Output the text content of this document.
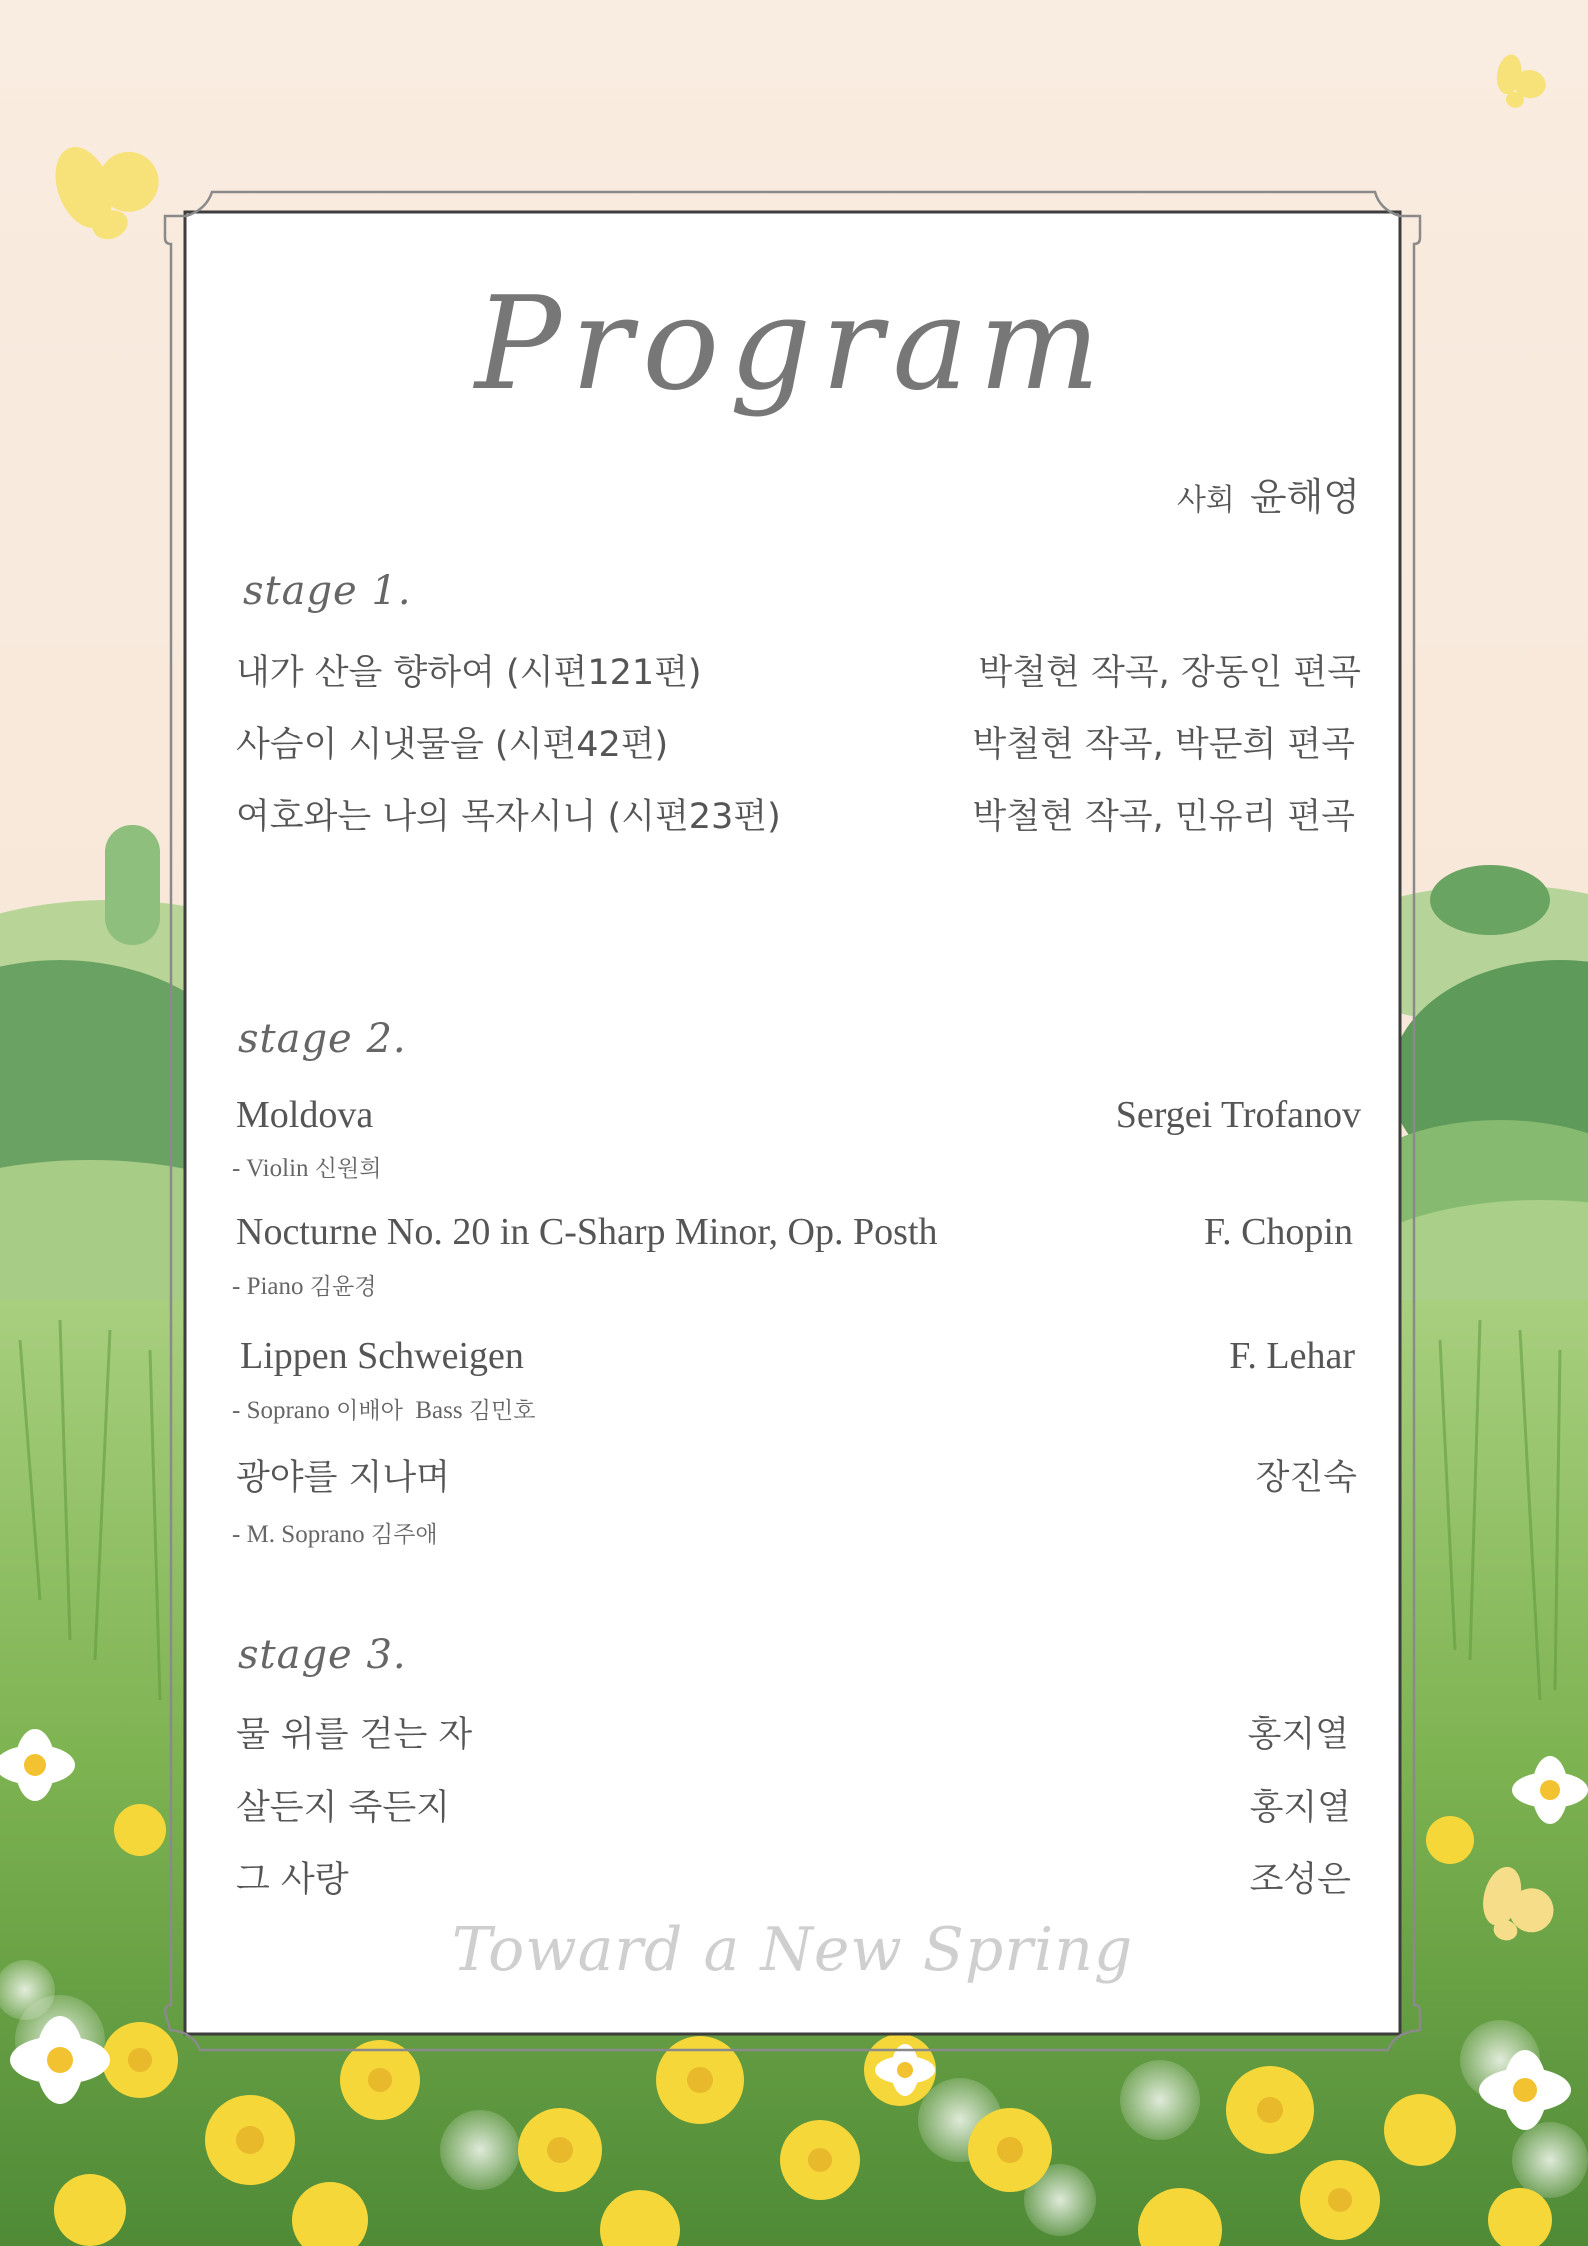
Program
사회 윤해영
stage 1.
내가 산을 향하여 (시편121편)	박철현 작곡, 장동인 편곡
사슴이 시냇물을 (시편42편)	박철현 작곡, 박문희 편곡
여호와는 나의 목자시니 (시편23편)	박철현 작곡, 민유리 편곡
stage 2.
Moldova	Sergei Trofanov
- Violin 신원희
Nocturne No. 20 in C-Sharp Minor, Op. Posth	F. Chopin
- Piano 김윤경
Lippen Schweigen	F. Lehar
- Soprano 이배아 Bass 김민호
광야를 지나며	장진숙
- M. Soprano 김주애
stage 3.
물 위를 걷는 자	홍지열
살든지 죽든지	홍지열
그 사랑	조성은
Toward a New Spring
